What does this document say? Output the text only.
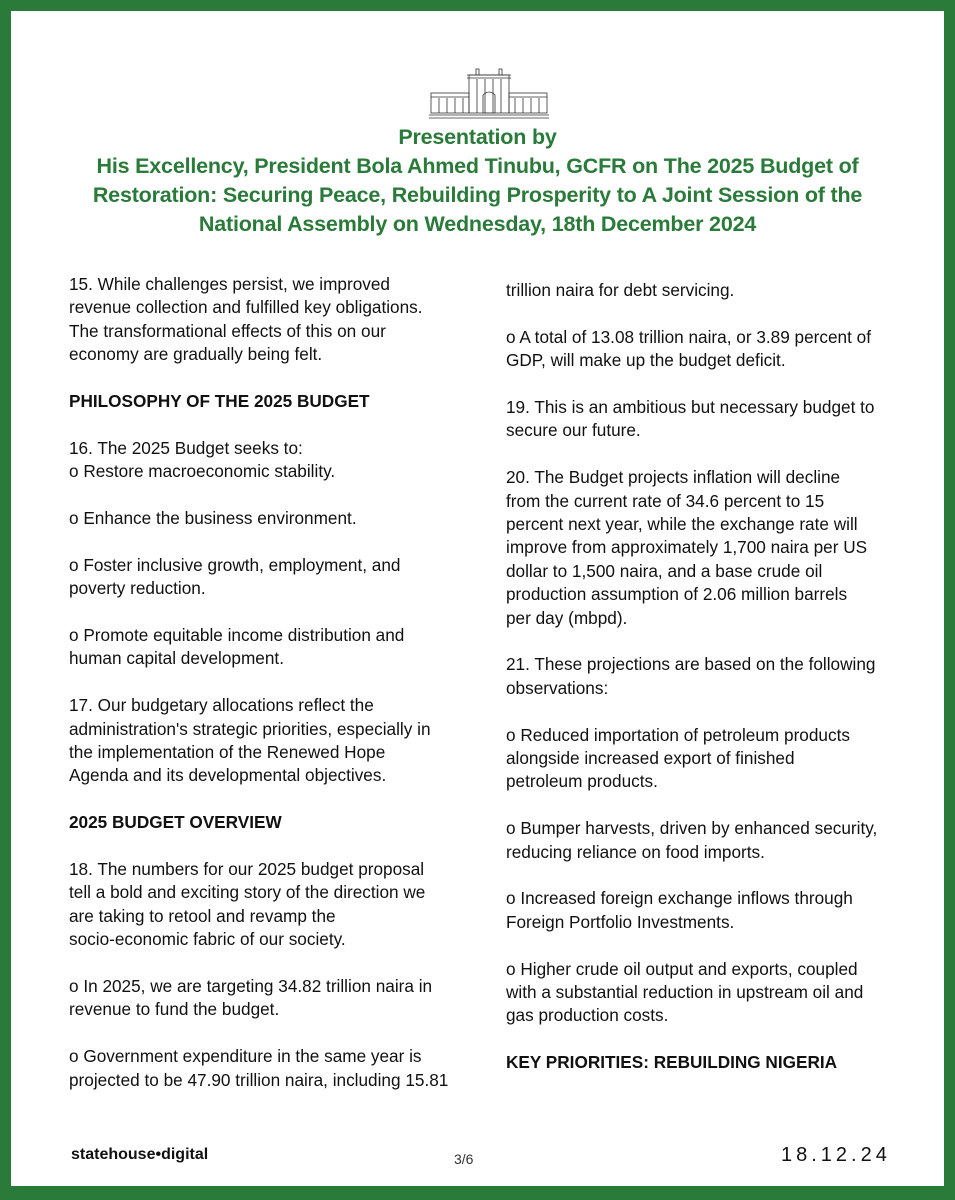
Presentation by
His Excellency, President Bola Ahmed Tinubu, GCFR on The 2025 Budget of
Restoration: Securing Peace, Rebuilding Prosperity to A Joint Session of the
National Assembly on Wednesday, 18th December 2024

15. While challenges persist, we improved
revenue collection and fulfilled key obligations.
The transformational effects of this on our
economy are gradually being felt.

PHILOSOPHY OF THE 2025 BUDGET

16. The 2025 Budget seeks to:
o Restore macroeconomic stability.

o Enhance the business environment.

o Foster inclusive growth, employment, and
poverty reduction.

o Promote equitable income distribution and
human capital development.

17. Our budgetary allocations reflect the
administration's strategic priorities, especially in
the implementation of the Renewed Hope
Agenda and its developmental objectives.

2025 BUDGET OVERVIEW

18. The numbers for our 2025 budget proposal
tell a bold and exciting story of the direction we
are taking to retool and revamp the
socio-economic fabric of our society.

o In 2025, we are targeting 34.82 trillion naira in
revenue to fund the budget.

o Government expenditure in the same year is
projected to be 47.90 trillion naira, including 15.81

trillion naira for debt servicing.

o A total of 13.08 trillion naira, or 3.89 percent of
GDP, will make up the budget deficit.

19. This is an ambitious but necessary budget to
secure our future.

20. The Budget projects inflation will decline
from the current rate of 34.6 percent to 15
percent next year, while the exchange rate will
improve from approximately 1,700 naira per US
dollar to 1,500 naira, and a base crude oil
production assumption of 2.06 million barrels
per day (mbpd).

21. These projections are based on the following
observations:

o Reduced importation of petroleum products
alongside increased export of finished
petroleum products.

o Bumper harvests, driven by enhanced security,
reducing reliance on food imports.

o Increased foreign exchange inflows through
Foreign Portfolio Investments.

o Higher crude oil output and exports, coupled
with a substantial reduction in upstream oil and
gas production costs.

KEY PRIORITIES: REBUILDING NIGERIA
statehouse•digital	3/6	18.12.24
